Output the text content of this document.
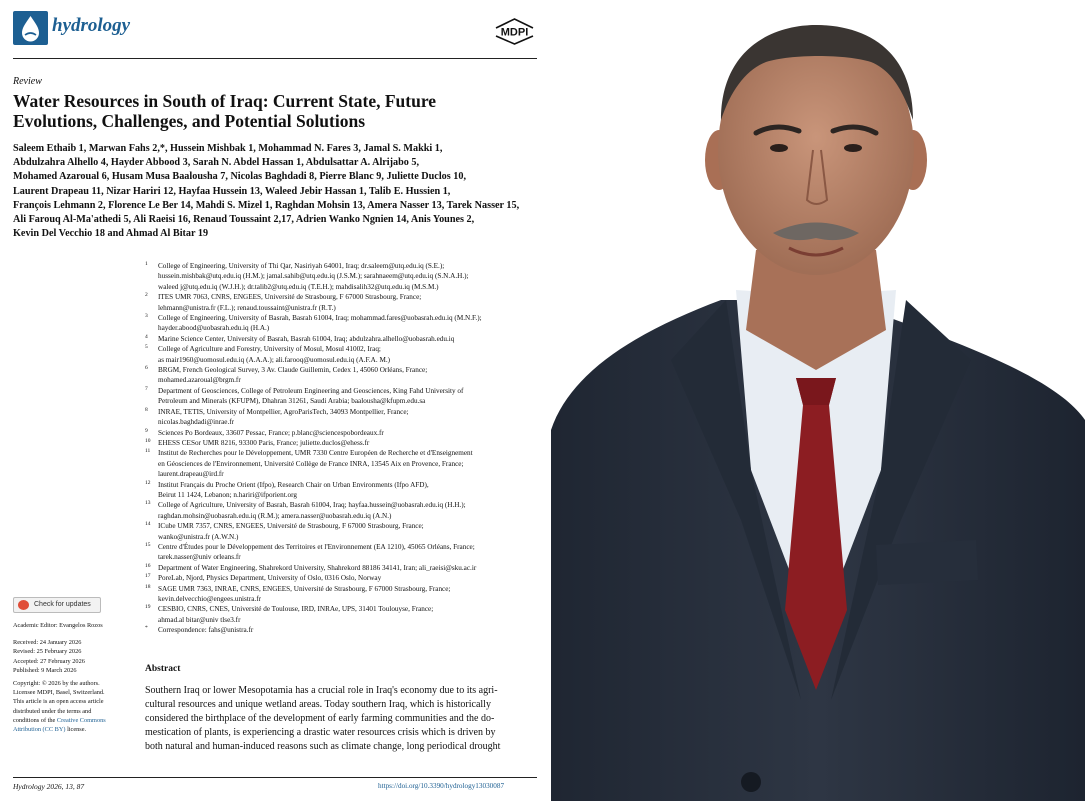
hydrology	MDPI
Review
Water Resources in South of Iraq: Current State, Future
Evolutions, Challenges, and Potential Solutions
Saleem Ethaib 1, Marwan Fahs 2,*, Hussein Mishbak 1, Mohammad N. Fares 3, Jamal S. Makki 1,
Abdulzahra Alhello 4, Hayder Abbood 3, Sarah N. Abdel Hassan 1, Abdulsattar A. Alrijabo 5,
Mohamed Azaroual 6, Husam Musa Baalousha 7, Nicolas Baghdadi 8, Pierre Blanc 9, Juliette Duclos 10,
Laurent Drapeau 11, Nizar Hariri 12, Hayfaa Hussein 13, Waleed Jebir Hassan 1, Talib E. Hussien 1,
François Lehmann 2, Florence Le Ber 14, Mahdi S. Mizel 1, Raghdan Mohsin 13, Amera Nasser 13, Tarek Nasser 15,
Ali Farouq Al-Ma'athedi 5, Ali Raeisi 16, Renaud Toussaint 2,17, Adrien Wanko Ngnien 14, Anis Younes 2,
Kevin Del Vecchio 18 and Ahmad Al Bitar 19
1 College of Engineering, University of Thi Qar, Nasiriyah 64001, Iraq; dr.saleem@utq.edu.iq (S.E.);
hussein.mishbak@utq.edu.iq (H.M.); jamal.sahib@utq.edu.iq (J.S.M.); sarahnaeem@utq.edu.iq (S.N.A.H.);
waleed j@utq.edu.iq (W.J.H.); dr.talib2@utq.edu.iq (T.E.H.); mahdisalih32@utq.edu.iq (M.S.M.)
2 ITES UMR 7063, CNRS, ENGEES, Université de Strasbourg, F 67000 Strasbourg, France;
lehmann@unistra.fr (F.L.); renaud.toussaint@unistra.fr (R.T.)
3 College of Engineering, University of Basrah, Basrah 61004, Iraq; mohammad.fares@uobasrah.edu.iq (M.N.F.);
hayder.abood@uobasrah.edu.iq (H.A.)
4 Marine Science Center, University of Basrah, Basrah 61004, Iraq; abdulzahra.alhello@uobasrah.edu.iq
5 College of Agriculture and Forestry, University of Mosul, Mosul 41002, Iraq;
as mair1960@uomosul.edu.iq (A.A.A.); ali.farooq@uomosul.edu.iq (A.F.A. M.)
6 BRGM, French Geological Survey, 3 Av. Claude Guillemin, Cedex 1, 45060 Orléans, France;
mohamed.azaroual@brgm.fr
7 Department of Geosciences, College of Petroleum Engineering and Geosciences, King Fahd University of
Petroleum and Minerals (KFUPM), Dhahran 31261, Saudi Arabia; baalousha@kfupm.edu.sa
8 INRAE, TETIS, University of Montpellier, AgroParisTech, 34093 Montpellier, France;
nicolas.baghdadi@inrae.fr
9 Sciences Po Bordeaux, 33607 Pessac, France; p.blanc@sciencespobordeaux.fr
10 EHESS CESor UMR 8216, 93300 Paris, France; juliette.duclos@ehess.fr
11 Institut de Recherches pour le Développement, UMR 7330 Centre Européen de Recherche et d'Enseignement
en Géosciences de l'Environnement, Université Collège de France INRA, 13545 Aix en Provence, France;
laurent.drapeau@ird.fr
12 Institut Français du Proche Orient (Ifpo), Research Chair on Urban Environments (Ifpo AFD),
Beirut 11 1424, Lebanon; n.hariri@ifporient.org
13 College of Agriculture, University of Basrah, Basrah 61004, Iraq; hayfaa.hussein@uobasrah.edu.iq (H.H.);
raghdan.mohsin@uobasrah.edu.iq (R.M.); amera.nasser@uobasrah.edu.iq (A.N.)
14 ICube UMR 7357, CNRS, ENGEES, Université de Strasbourg, F 67000 Strasbourg, France;
wanko@unistra.fr (A.W.N.)
15 Centre d'Études pour le Développement des Territoires et l'Environnement (EA 1210), 45065 Orléans, France;
tarek.nasser@univ orleans.fr
16 Department of Water Engineering, Shahrekord University, Shahrekord 88186 34141, Iran; ali_raeisi@sku.ac.ir
17 PoreLab, Njord, Physics Department, University of Oslo, 0316 Oslo, Norway
18 SAGE UMR 7363, INRAE, CNRS, ENGEES, Université de Strasbourg, F 67000 Strasbourg, France;
kevin.delvecchio@engees.unistra.fr
19 CESBIO, CNRS, CNES, Université de Toulouse, IRD, INRAe, UPS, 31401 Toulouyse, France;
ahmad.al bitar@univ tlse3.fr
* Correspondence: fahs@unistra.fr
Check for updates
Academic Editor: Evangelos Rozos
Received: 24 January 2026
Revised: 25 February 2026
Accepted: 27 February 2026
Published: 9 March 2026
Copyright: © 2026 by the authors.
Licensee MDPI, Basel, Switzerland.
This article is an open access article
distributed under the terms and
conditions of the Creative Commons
Attribution (CC BY) license.
Abstract
Southern Iraq or lower Mesopotamia has a crucial role in Iraq's economy due to its agri-
cultural resources and unique wetland areas. Today southern Iraq, which is historically
considered the birthplace of the development of early farming communities and the do-
mestication of plants, is experiencing a drastic water resources crisis which is driven by
both natural and human-induced reasons such as climate change, long periodical drought
Hydrology 2026, 13, 87	https://doi.org/10.3390/hydrology13030087
